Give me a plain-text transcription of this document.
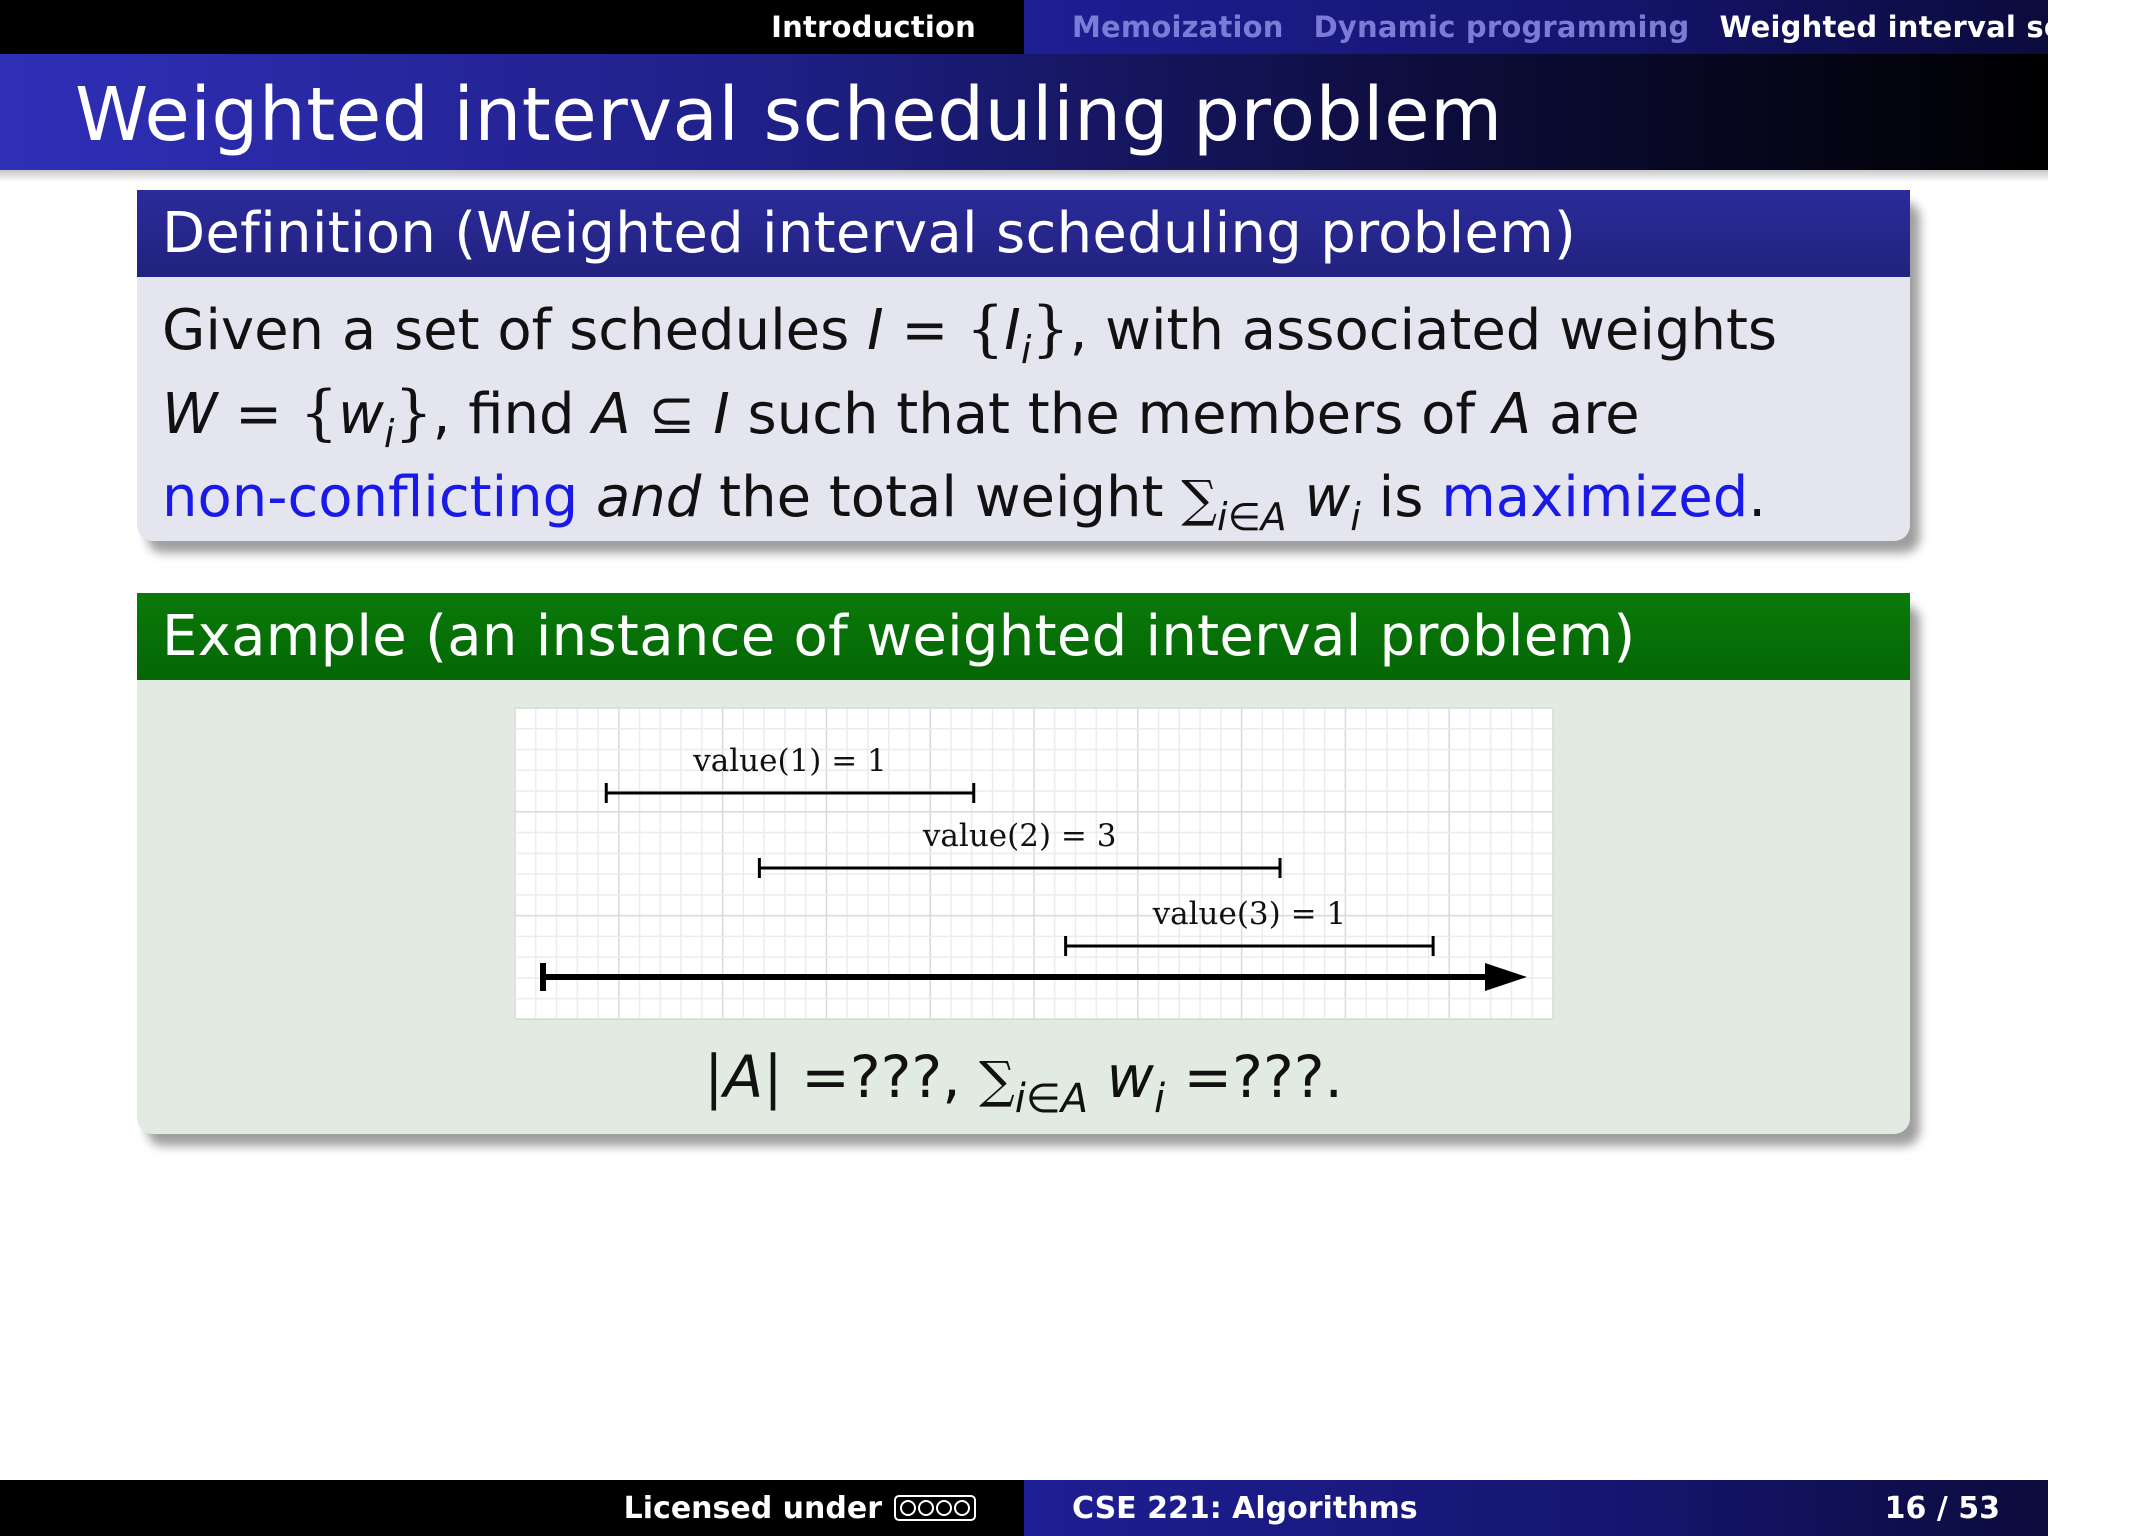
Introduction	Memoization	Dynamic programming	Weighted interval sched
Weighted interval scheduling problem
Definition (Weighted interval scheduling problem)
Given a set of schedules $I = \{I_i\}$, with associated weights
$W = \{w_i\}$, find A ⊆ I such that the members of A are
non-conflicting and the total weight $\sum_{i\in A}$ $w_i$ is maximized.
Example (an instance of weighted interval problem)
value(1) = 1
value(2) = 3
value(3) = 1
|A| =???, $\sum_{i\in A}$ $w_i$ =???.
Licensed under	CSE 221: Algorithms	16 / 53
